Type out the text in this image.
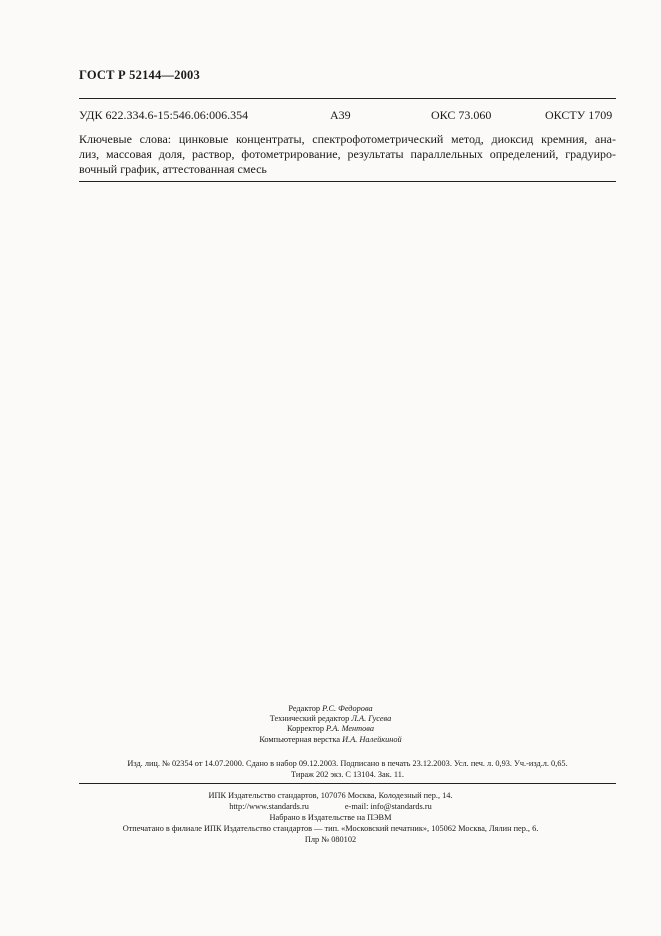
ГОСТ Р 52144—2003
УДК 622.334.6-15:546.06:006.354	А39	ОКС 73.060	ОКСТУ 1709
Ключевые слова: цинковые концентраты, спектрофотометрический метод, диоксид кремния, ана-
лиз, массовая доля, раствор, фотометрирование, результаты параллельных определений, градуиро-
вочный график, аттестованная смесь
Редактор Р.С. Федорова
Технический редактор Л.А. Гусева
Корректор Р.А. Ментова
Компьютерная верстка И.А. Налейкиной
Изд. лиц. № 02354 от 14.07.2000. Сдано в набор 09.12.2003. Подписано в печать 23.12.2003. Усл. печ. л. 0,93. Уч.-изд.л. 0,65.
Тираж 202 экз. С 13104. Зак. 11.
ИПК Издательство стандартов, 107076 Москва, Колодезный пер., 14.
http://www.standards.ru	e-mail: info@standards.ru
Набрано в Издательстве на ПЭВМ
Отпечатано в филиале ИПК Издательство стандартов — тип. «Московский печатник», 105062 Москва, Лялин пер., 6.
Плр № 080102
